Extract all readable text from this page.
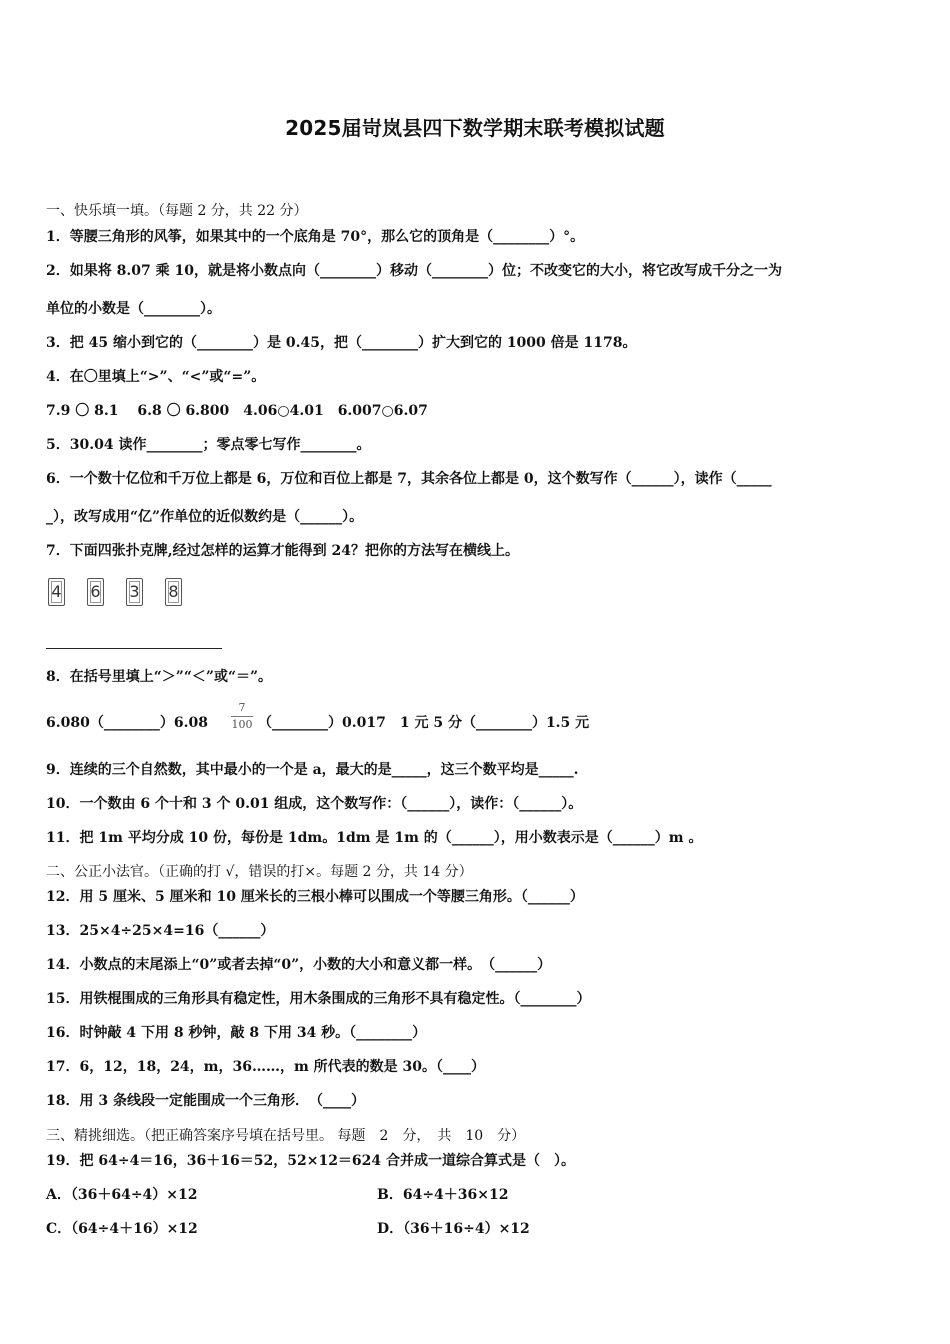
2025届岢岚县四下数学期末联考模拟试题
一、快乐填一填。（每题 2 分，共 22 分）
1．等腰三角形的风筝，如果其中的一个底角是 70°，那么它的顶角是（________）°。
2．如果将 8.07 乘 10，就是将小数点向（________）移动（________）位；不改变它的大小，将它改写成千分之一为
单位的小数是（________）。
3．把 45 缩小到它的（________）是 0.45，把（________）扩大到它的 1000 倍是 1178。
4．在〇里填上“>”、“<”或“=”。
7.9 〇 8.1　 6.8 〇 6.800　4.06○4.01　6.007○6.07
5．30.04 读作________；零点零七写作________。
6．一个数十亿位和千万位上都是 6，万位和百位上都是 7，其余各位上都是 0，这个数写作（______），读作（_____
_），改写成用“亿”作单位的近似数约是（______）。
7．下面四张扑克牌,经过怎样的运算才能得到 24？把你的方法写在横线上。
4 6 3 8
8．在括号里填上“＞”“＜”或“＝”。
6.080（________）6.08
7
100 （________）0.017　1 元 5 分（________）1.5 元
9．连续的三个自然数，其中最小的一个是 a，最大的是_____，这三个数平均是_____.
10．一个数由 6 个十和 3 个 0.01 组成，这个数写作：（______），读作：（______）。
11．把 1m 平均分成 10 份，每份是 1dm。1dm 是 1m 的（______），用小数表示是（______）m 。
二、公正小法官。（正确的打 √，错误的打×。每题 2 分，共 14 分）
12．用 5 厘米、5 厘米和 10 厘米长的三根小棒可以围成一个等腰三角形。（______）
13．25×4÷25×4=16（______）
14．小数点的末尾添上“0”或者去掉“0”，小数的大小和意义都一样。　（______）
15．用铁棍围成的三角形具有稳定性，用木条围成的三角形不具有稳定性。（________）
16．时钟敲 4 下用 8 秒钟，敲 8 下用 34 秒。（________）
17．6，12，18，24，m，36……，m 所代表的数是 30。（____）
18．用 3 条线段一定能围成一个三角形．　（____）
三、精挑细选。（把正确答案序号填在括号里。 每题　2　分，　共　10　分）
19．把 64÷4＝16，36＋16＝52，52×12＝624 合并成一道综合算式是（　）。
A．（36＋64÷4）×12	B．64÷4＋36×12
C．（64÷4＋16）×12	D．（36＋16÷4）×12
